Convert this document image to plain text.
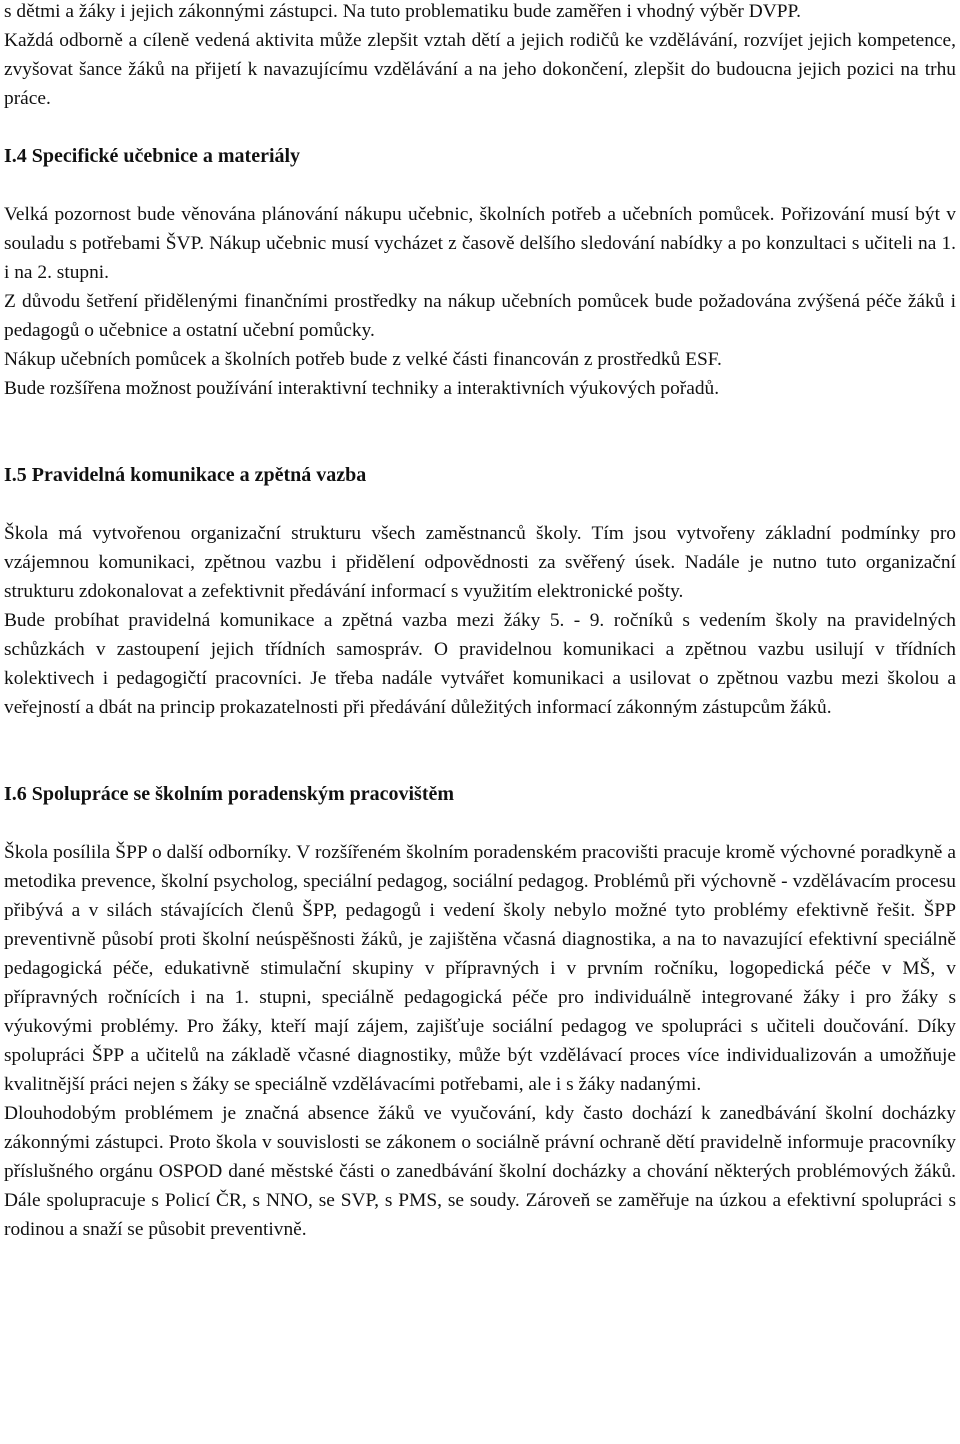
s dětmi a žáky i jejich zákonnými zástupci. Na tuto problematiku bude zaměřen i vhodný výběr DVPP.

Každá odborně a cíleně vedená aktivita může zlepšit vztah dětí a jejich rodičů ke vzdělávání, rozvíjet jejich kompetence, zvyšovat šance žáků na přijetí k navazujícímu vzdělávání a na jeho dokončení, zlepšit do budoucna jejich pozici na trhu práce.

I.4 Specifické učebnice a materiály

Velká pozornost bude věnována plánování nákupu učebnic, školních potřeb a učebních pomůcek. Pořizování musí být v souladu s potřebami ŠVP. Nákup učebnic musí vycházet z časově delšího sledování nabídky a po konzultaci s učiteli na 1. i na 2. stupni.

Z důvodu šetření přidělenými finančními prostředky na nákup učebních pomůcek bude požadována zvýšená péče žáků i pedagogů o učebnice a ostatní učební pomůcky.

Nákup učebních pomůcek a školních potřeb bude z velké části financován z prostředků ESF.

Bude rozšířena možnost používání interaktivní techniky a interaktivních výukových pořadů.

I.5 Pravidelná komunikace a zpětná vazba

Škola má vytvořenou organizační strukturu všech zaměstnanců školy. Tím jsou vytvořeny základní podmínky pro vzájemnou komunikaci, zpětnou vazbu i přidělení odpovědnosti za svěřený úsek. Nadále je nutno tuto organizační strukturu zdokonalovat a zefektivnit předávání informací s využitím elektronické pošty.

Bude probíhat pravidelná komunikace a zpětná vazba mezi žáky 5. - 9. ročníků s vedením školy na pravidelných schůzkách v zastoupení jejich třídních samospráv. O pravidelnou komunikaci a zpětnou vazbu usilují v třídních kolektivech i pedagogičtí pracovníci. Je třeba nadále vytvářet komunikaci a usilovat o zpětnou vazbu mezi školou a veřejností a dbát na princip prokazatelnosti při předávání důležitých informací zákonným zástupcům žáků.

I.6 Spolupráce se školním poradenským pracovištěm

Škola posílila ŠPP o další odborníky. V rozšířeném školním poradenském pracovišti pracuje kromě výchovné poradkyně a metodika prevence, školní psycholog, speciální pedagog, sociální pedagog. Problémů při výchovně - vzdělávacím procesu přibývá a v silách stávajících členů ŠPP, pedagogů i vedení školy nebylo možné tyto problémy efektivně řešit. ŠPP preventivně působí proti školní neúspěšnosti žáků, je zajištěna včasná diagnostika, a na to navazující efektivní speciálně pedagogická péče, edukativně stimulační skupiny v přípravných i v prvním ročníku, logopedická péče v MŠ, v přípravných ročnících i na 1. stupni, speciálně pedagogická péče pro individuálně integrované žáky i pro žáky s výukovými problémy. Pro žáky, kteří mají zájem, zajišťuje sociální pedagog ve spolupráci s učiteli doučování. Díky spolupráci ŠPP a učitelů na základě včasné diagnostiky, může být vzdělávací proces více individualizován a umožňuje kvalitnější práci nejen s žáky se speciálně vzdělávacími potřebami, ale i s žáky nadanými.

Dlouhodobým problémem je značná absence žáků ve vyučování, kdy často dochází k zanedbávání školní docházky zákonnými zástupci. Proto škola v souvislosti se zákonem o sociálně právní ochraně dětí pravidelně informuje pracovníky příslušného orgánu OSPOD dané městské části o zanedbávání školní docházky a chování některých problémových žáků. Dále spolupracuje s Policí ČR, s NNO, se SVP, s PMS, se soudy. Zároveň se zaměřuje na úzkou a efektivní spolupráci s rodinou a snaží se působit preventivně.
